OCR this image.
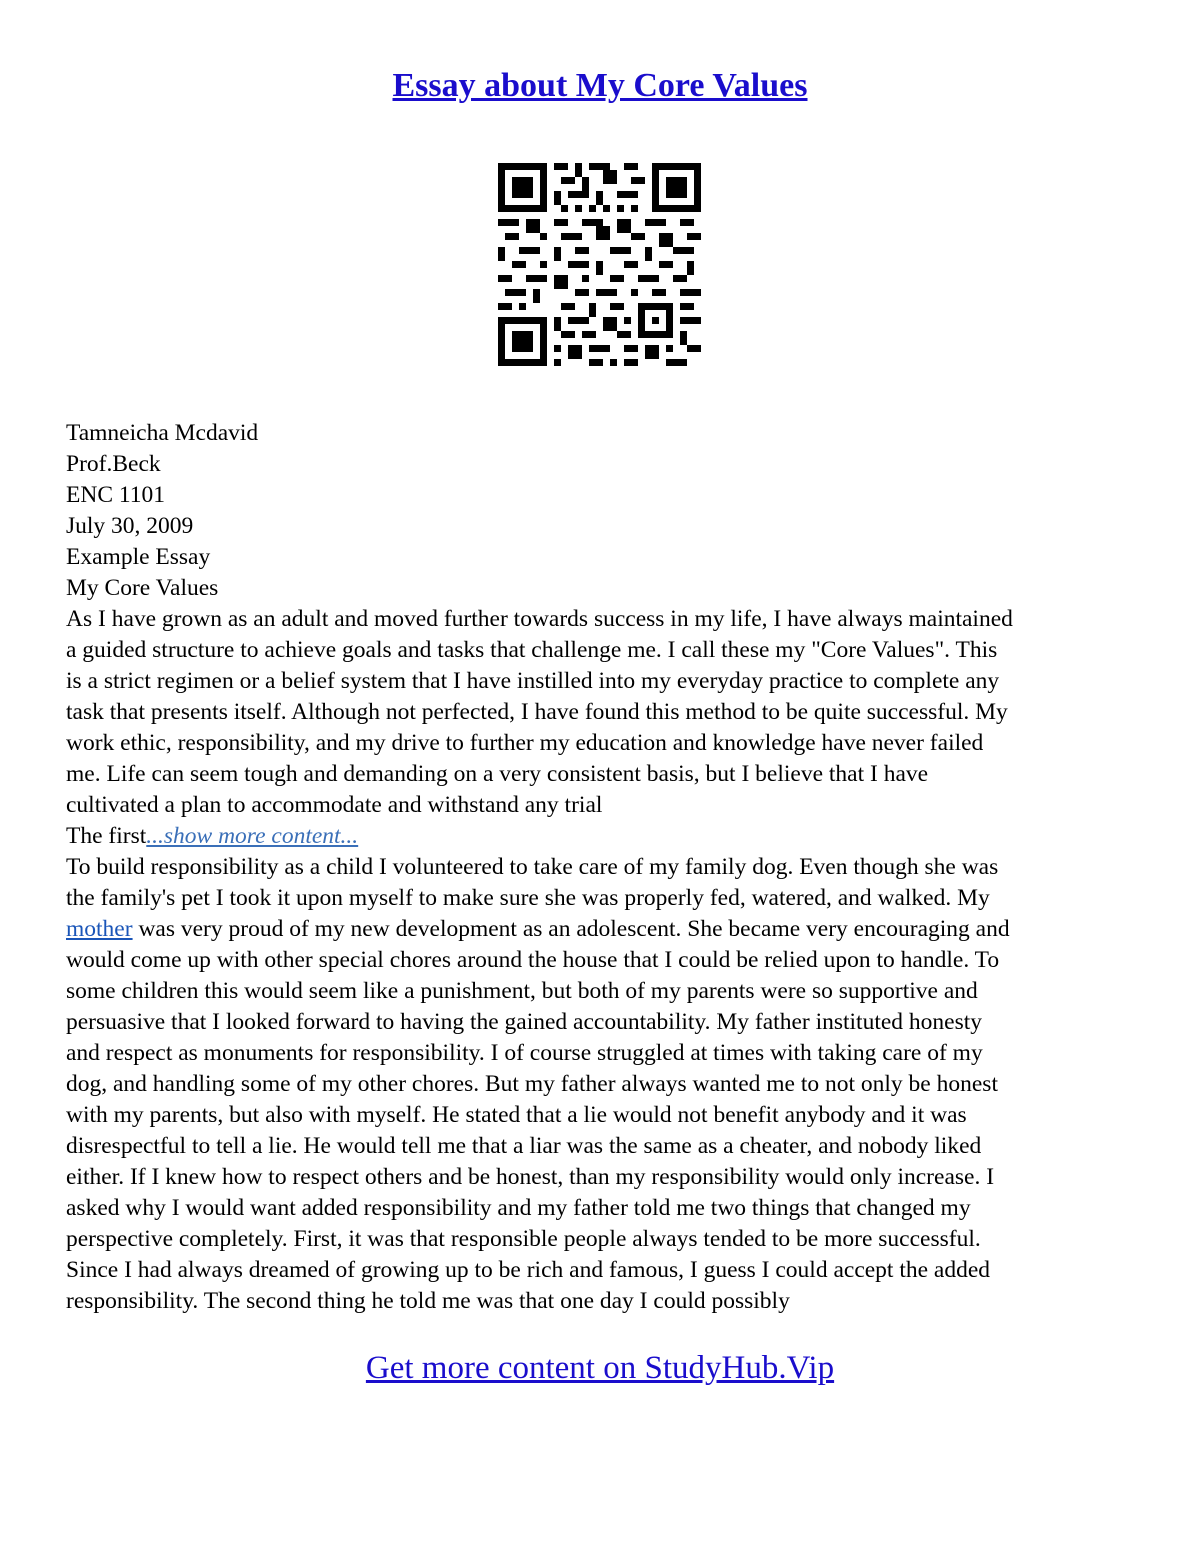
Essay about My Core Values
Tamneicha Mcdavid
Prof.Beck
ENC 1101
July 30, 2009
Example Essay
My Core Values
As I have grown as an adult and moved further towards success in my life, I have always maintained
a guided structure to achieve goals and tasks that challenge me. I call these my "Core Values". This
is a strict regimen or a belief system that I have instilled into my everyday practice to complete any
task that presents itself. Although not perfected, I have found this method to be quite successful. My
work ethic, responsibility, and my drive to further my education and knowledge have never failed
me. Life can seem tough and demanding on a very consistent basis, but I believe that I have
cultivated a plan to accommodate and withstand any trial
The first...show more content...
To build responsibility as a child I volunteered to take care of my family dog. Even though she was
the family's pet I took it upon myself to make sure she was properly fed, watered, and walked. My
mother was very proud of my new development as an adolescent. She became very encouraging and
would come up with other special chores around the house that I could be relied upon to handle. To
some children this would seem like a punishment, but both of my parents were so supportive and
persuasive that I looked forward to having the gained accountability. My father instituted honesty
and respect as monuments for responsibility. I of course struggled at times with taking care of my
dog, and handling some of my other chores. But my father always wanted me to not only be honest
with my parents, but also with myself. He stated that a lie would not benefit anybody and it was
disrespectful to tell a lie. He would tell me that a liar was the same as a cheater, and nobody liked
either. If I knew how to respect others and be honest, than my responsibility would only increase. I
asked why I would want added responsibility and my father told me two things that changed my
perspective completely. First, it was that responsible people always tended to be more successful.
Since I had always dreamed of growing up to be rich and famous, I guess I could accept the added
responsibility. The second thing he told me was that one day I could possibly
Get more content on StudyHub.Vip
